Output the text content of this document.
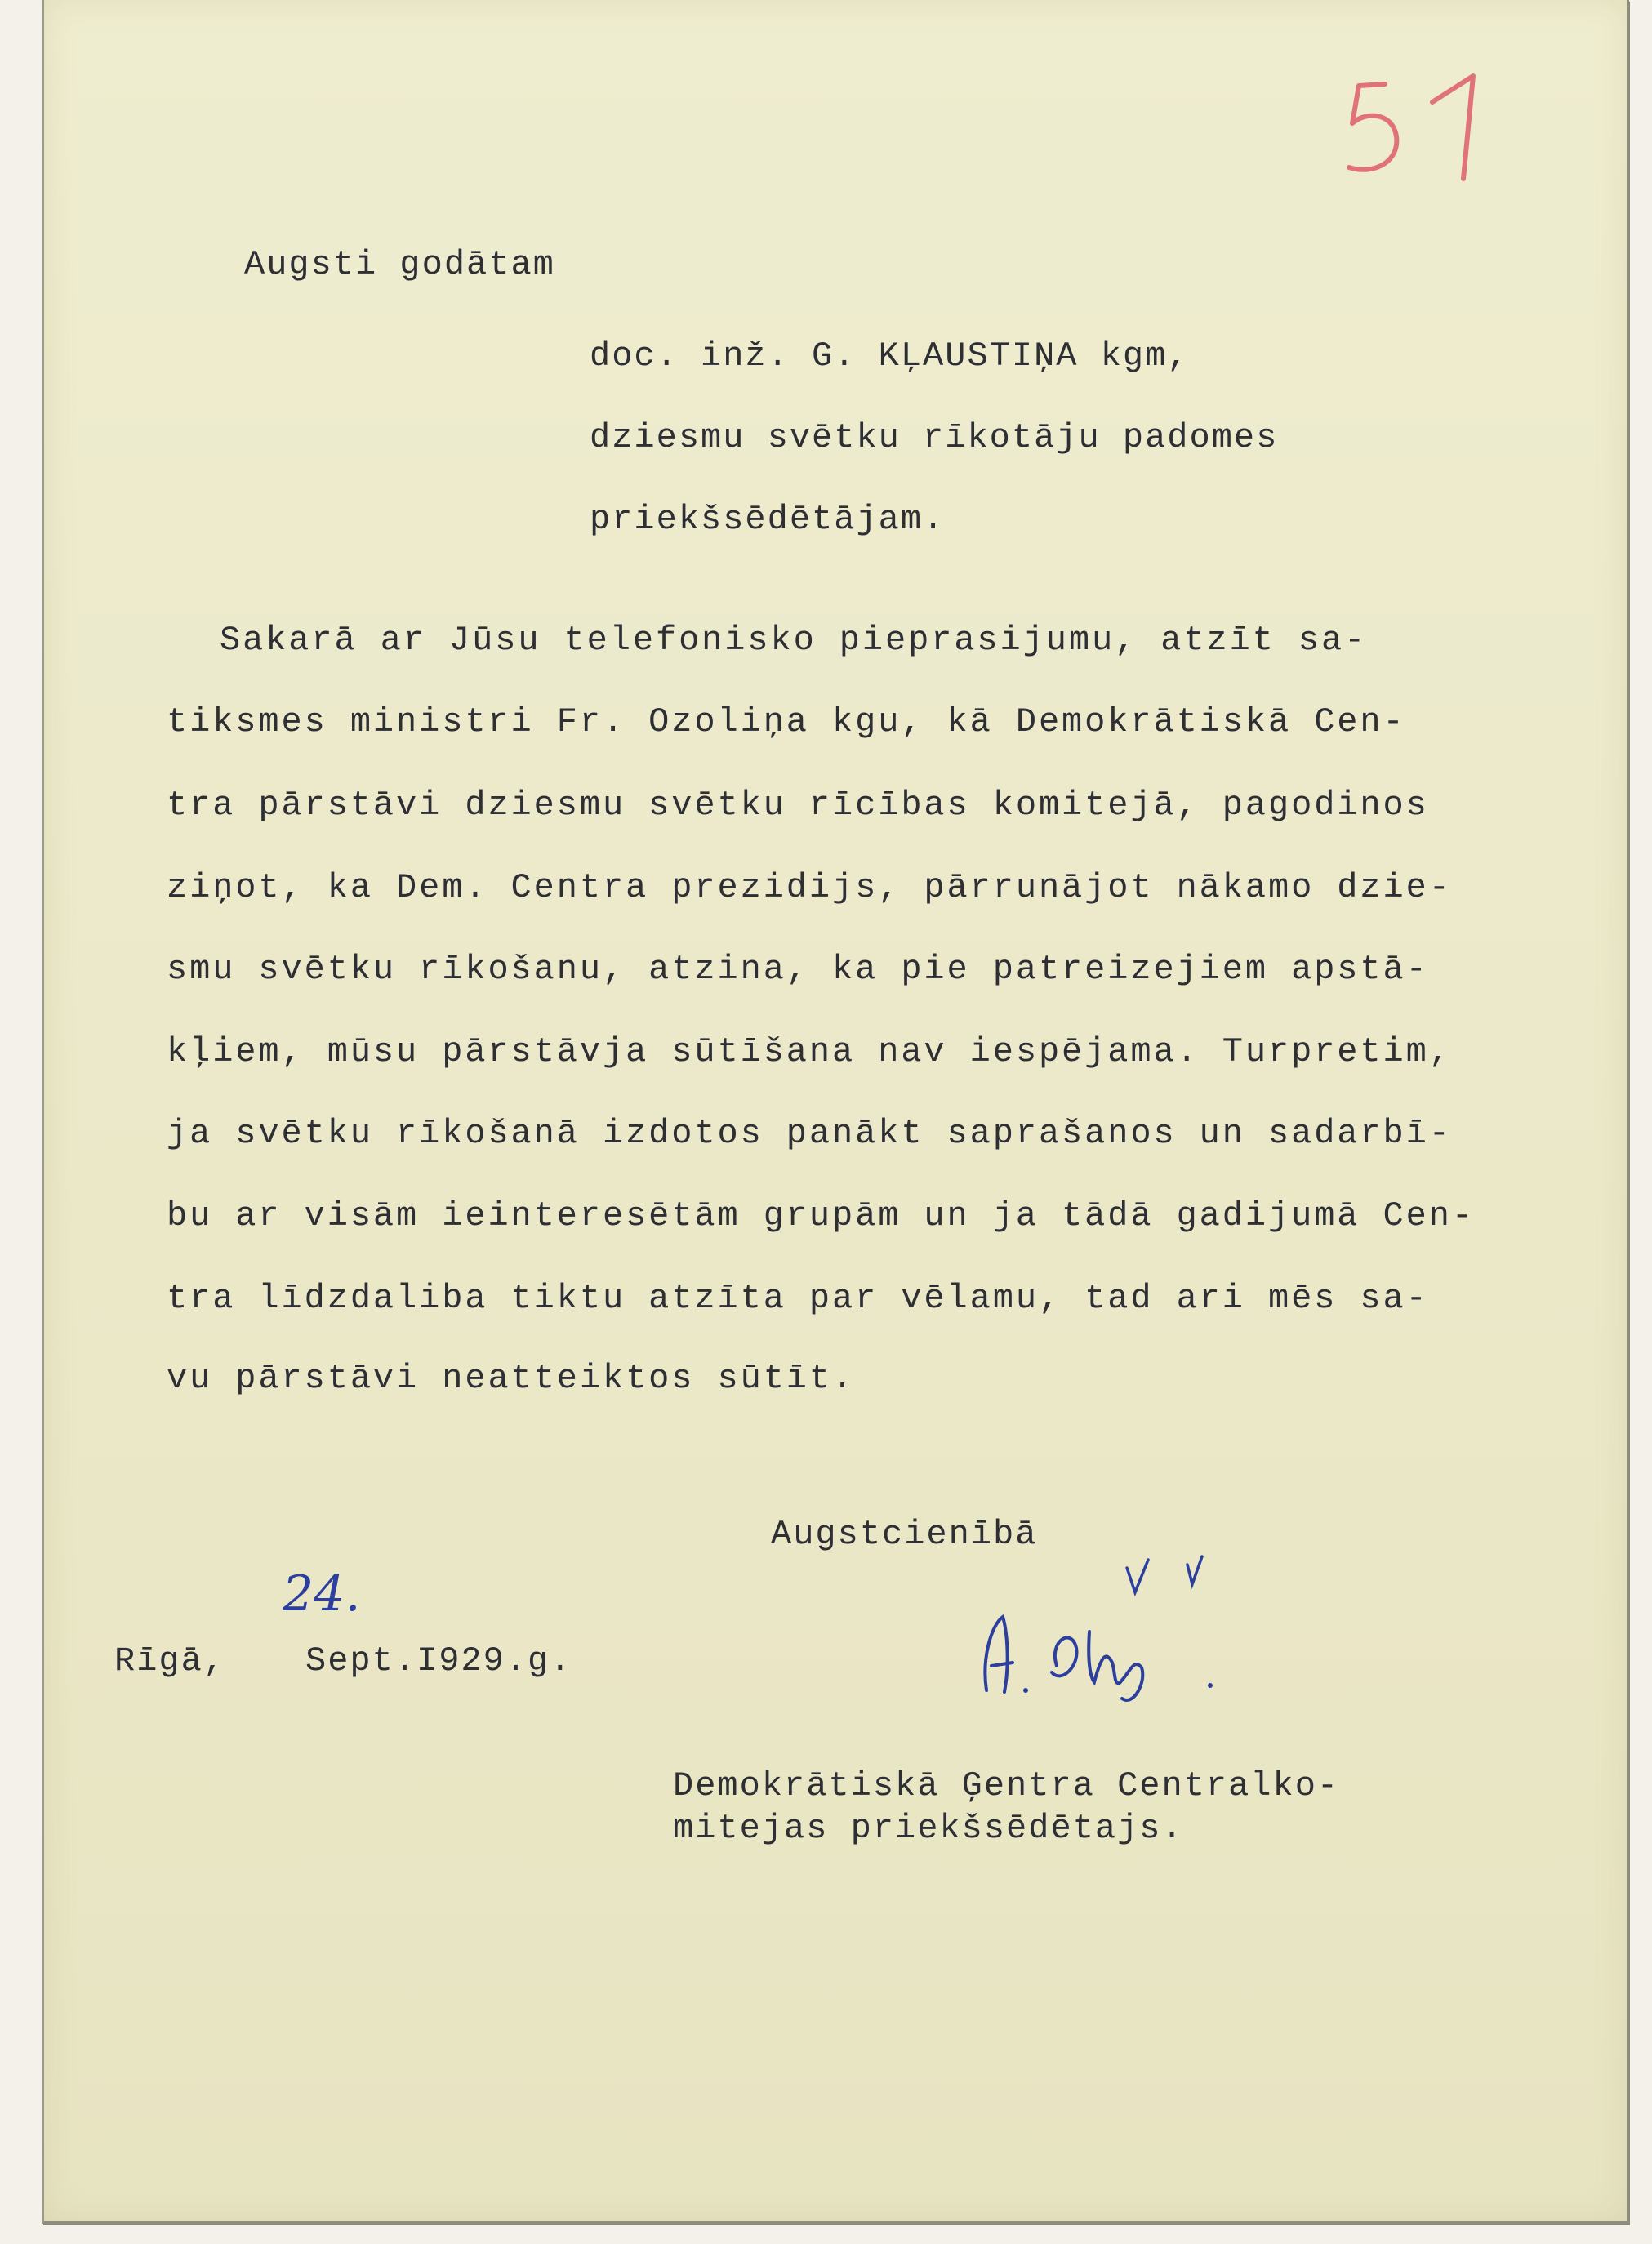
Augsti godātam

doc. inž. G. KĻAUSTIŅA kgm,

dziesmu svētku rīkotāju padomes

priekšsēdētājam.

Sakarā ar Jūsu telefonisko pieprasijumu, atzīt sa-

tiksmes ministri Fr. Ozoliņa kgu, kā Demokrātiskā Cen-

tra pārstāvi dziesmu svētku rīcības komitejā, pagodinos

ziņot, ka Dem. Centra prezidijs, pārrunājot nākamo dzie-

smu svētku rīkošanu, atzina, ka pie patreizejiem apstā-

kļiem, mūsu pārstāvja sūtīšana nav iespējama. Turpretim,

ja svētku rīkošanā izdotos panākt saprašanos un sadarbī-

bu ar visām ieinteresētām grupām un ja tādā gadijumā Cen-

tra līdzdaliba tiktu atzīta par vēlamu, tad ari mēs sa-

vu pārstāvi neatteiktos sūtīt.

Augstcienībā

Rīgā,

24.

Sept.I929.g.

Demokrātiskā Ģentra Centralko-

mitejas priekšsēdētajs.
